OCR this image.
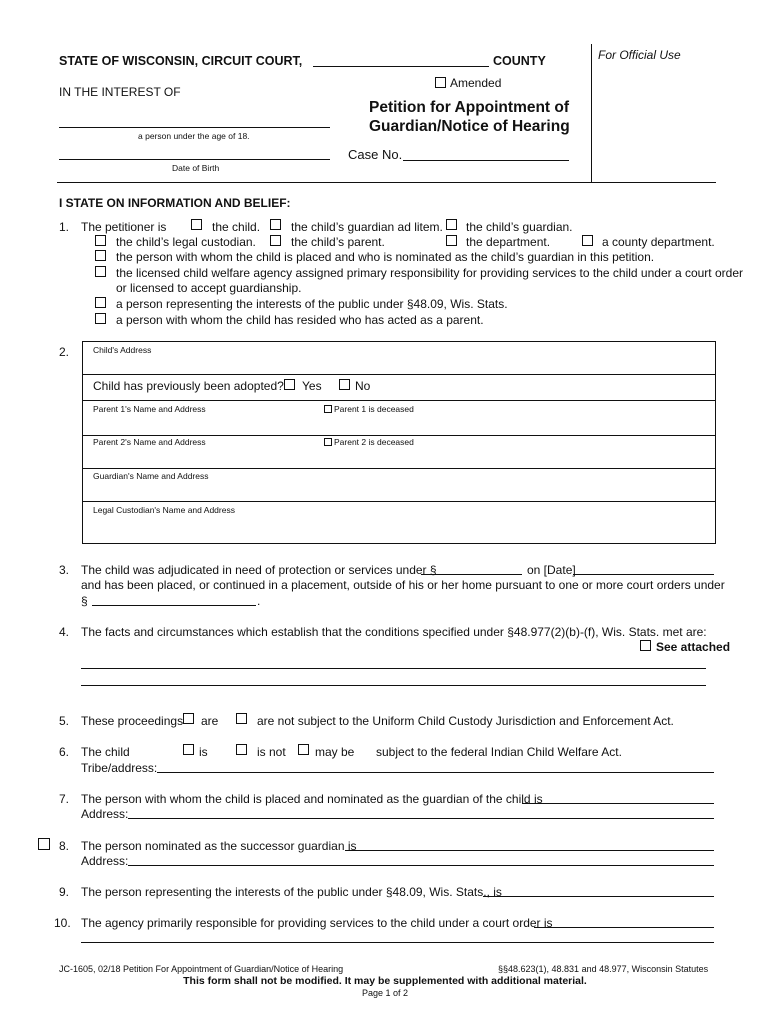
STATE OF WISCONSIN, CIRCUIT COURT,	COUNTY	For Official Use
IN THE INTEREST OF
a person under the age of 18.
Date of Birth
Amended
Petition for Appointment of
Guardian/Notice of Hearing
Case No.
I STATE ON INFORMATION AND BELIEF:
1. The petitioner is	the child.	the child’s guardian ad litem. the child’s guardian.
the child’s legal custodian.	the child’s parent.	the department.	a county department.
the person with whom the child is placed and who is nominated as the child’s guardian in this petition.
the licensed child welfare agency assigned primary responsibility for providing services to the child under a court order
or licensed to accept guardianship.
a person representing the interests of the public under §48.09, Wis. Stats.
a person with whom the child has resided who has acted as a parent.
2.	Child's Address
Child has previously been adopted? Yes	No
Parent 1's Name and Address	Parent 1 is deceased
Parent 2's Name and Address	Parent 2 is deceased
Guardian's Name and Address
Legal Custodian's Name and Address
3. The child was adjudicated in need of protection or services under §	on [Date]
and has been placed, or continued in a placement, outside of his or her home pursuant to one or more court orders under
§	.
4. The facts and circumstances which establish that the conditions specified under §48.977(2)(b)-(f), Wis. Stats. met are:
See attached
5. These proceedings are	are not subject to the Uniform Child Custody Jurisdiction and Enforcement Act.
6. The child	is	is not may be subject to the federal Indian Child Welfare Act.
Tribe/address:
7. The person with whom the child is placed and nominated as the guardian of the child is
Address:
8. The person nominated as the successor guardian is
Address:
9. The person representing the interests of the public under §48.09, Wis. Stats., is
10. The agency primarily responsible for providing services to the child under a court order is
JC-1605, 02/18 Petition For Appointment of Guardian/Notice of Hearing	§§48.623(1), 48.831 and 48.977, Wisconsin Statutes
This form shall not be modified. It may be supplemented with additional material.
Page 1 of 2
